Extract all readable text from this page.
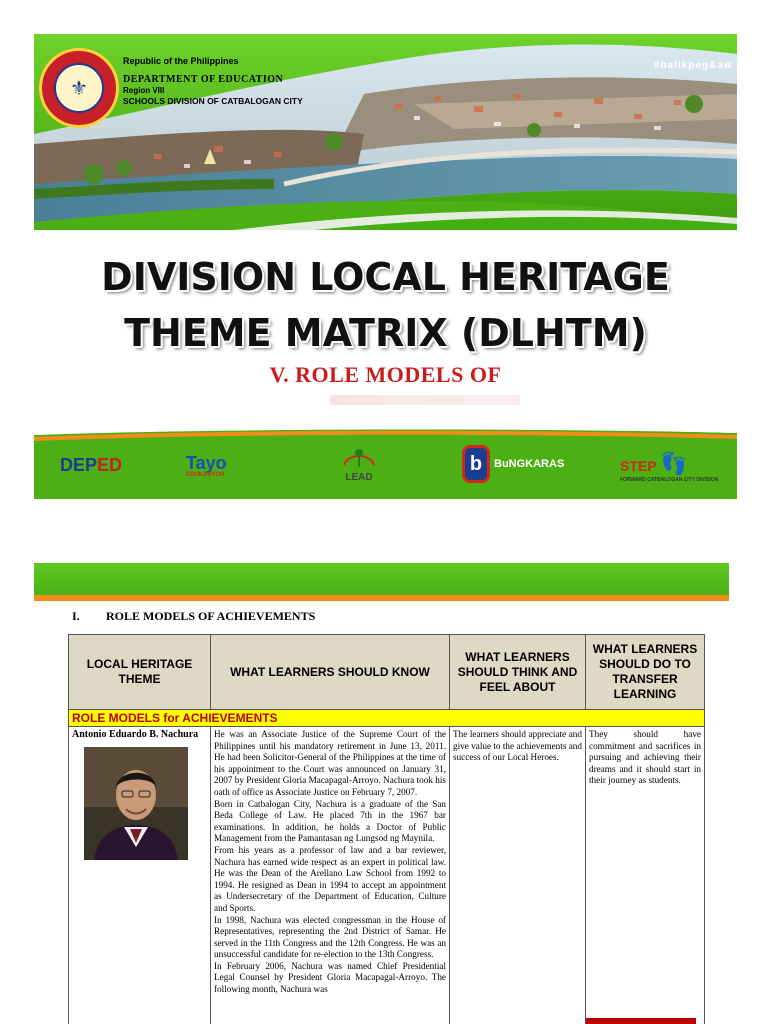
⚜
Republic of the Philippines
DEPARTMENT OF EDUCATION
Region VIII
SCHOOLS DIVISION OF CATBALOGAN CITY
#balikpeg&aw
DIVISION LOCAL HERITAGE
THEME MATRIX (DLHTM)
V. ROLE MODELS OF
DEPED	Tayo
EDUKASYON	LEAD
b BuNGKARAS	STEP 👣
FORWARD CATBALOGAN CITY DIVISION
I. ROLE MODELS OF ACHIEVEMENTS
LOCAL HERITAGE THEME	WHAT LEARNERS SHOULD KNOW	WHAT LEARNERS SHOULD THINK AND FEEL ABOUT	WHAT LEARNERS SHOULD DO TO TRANSFER LEARNING
ROLE MODELS for ACHIEVEMENTS			

Antonio Eduardo B. Nachura	He was an Associate Justice of the Supreme Court of the Philippines until his mandatory retirement in June 13, 2011. He had been Solicitor-General of the Philippines at the time of his appointment to the Court was announced on January 31, 2007 by President Gloria Macapagal-Arroyo. Nachura took his oath of office as Associate Justice on February 7, 2007.

Born in Catbalogan City, Nachura is a graduate of the San Beda College of Law. He placed 7th in the 1967 bar examinations. In addition, he holds a Doctor of Public Management from the Pamantasan ng Lungsod ng Maynila.

From his years as a professor of law and a bar reviewer, Nachura has earned wide respect as an expert in political law. He was the Dean of the Arellano Law School from 1992 to 1994. He resigned as Dean in 1994 to accept an appointment as Undersecretary of the Department of Education, Culture and Sports.

In 1998, Nachura was elected congressman in the House of Representatives, representing the 2nd District of Samar. He served in the 11th Congress and the 12th Congress. He was an unsuccessful candidate for re-election to the 13th Congress.

In February 2006, Nachura was named Chief Presidential Legal Counsel by President Gloria Macapagal-Arroyo. The following month, Nachura was	The learners should appreciate and give value to the achievements and success of our Local Heroes.	They should have commitment and sacrifices in pursuing and achieving their dreams and it should start in their journey as students.
